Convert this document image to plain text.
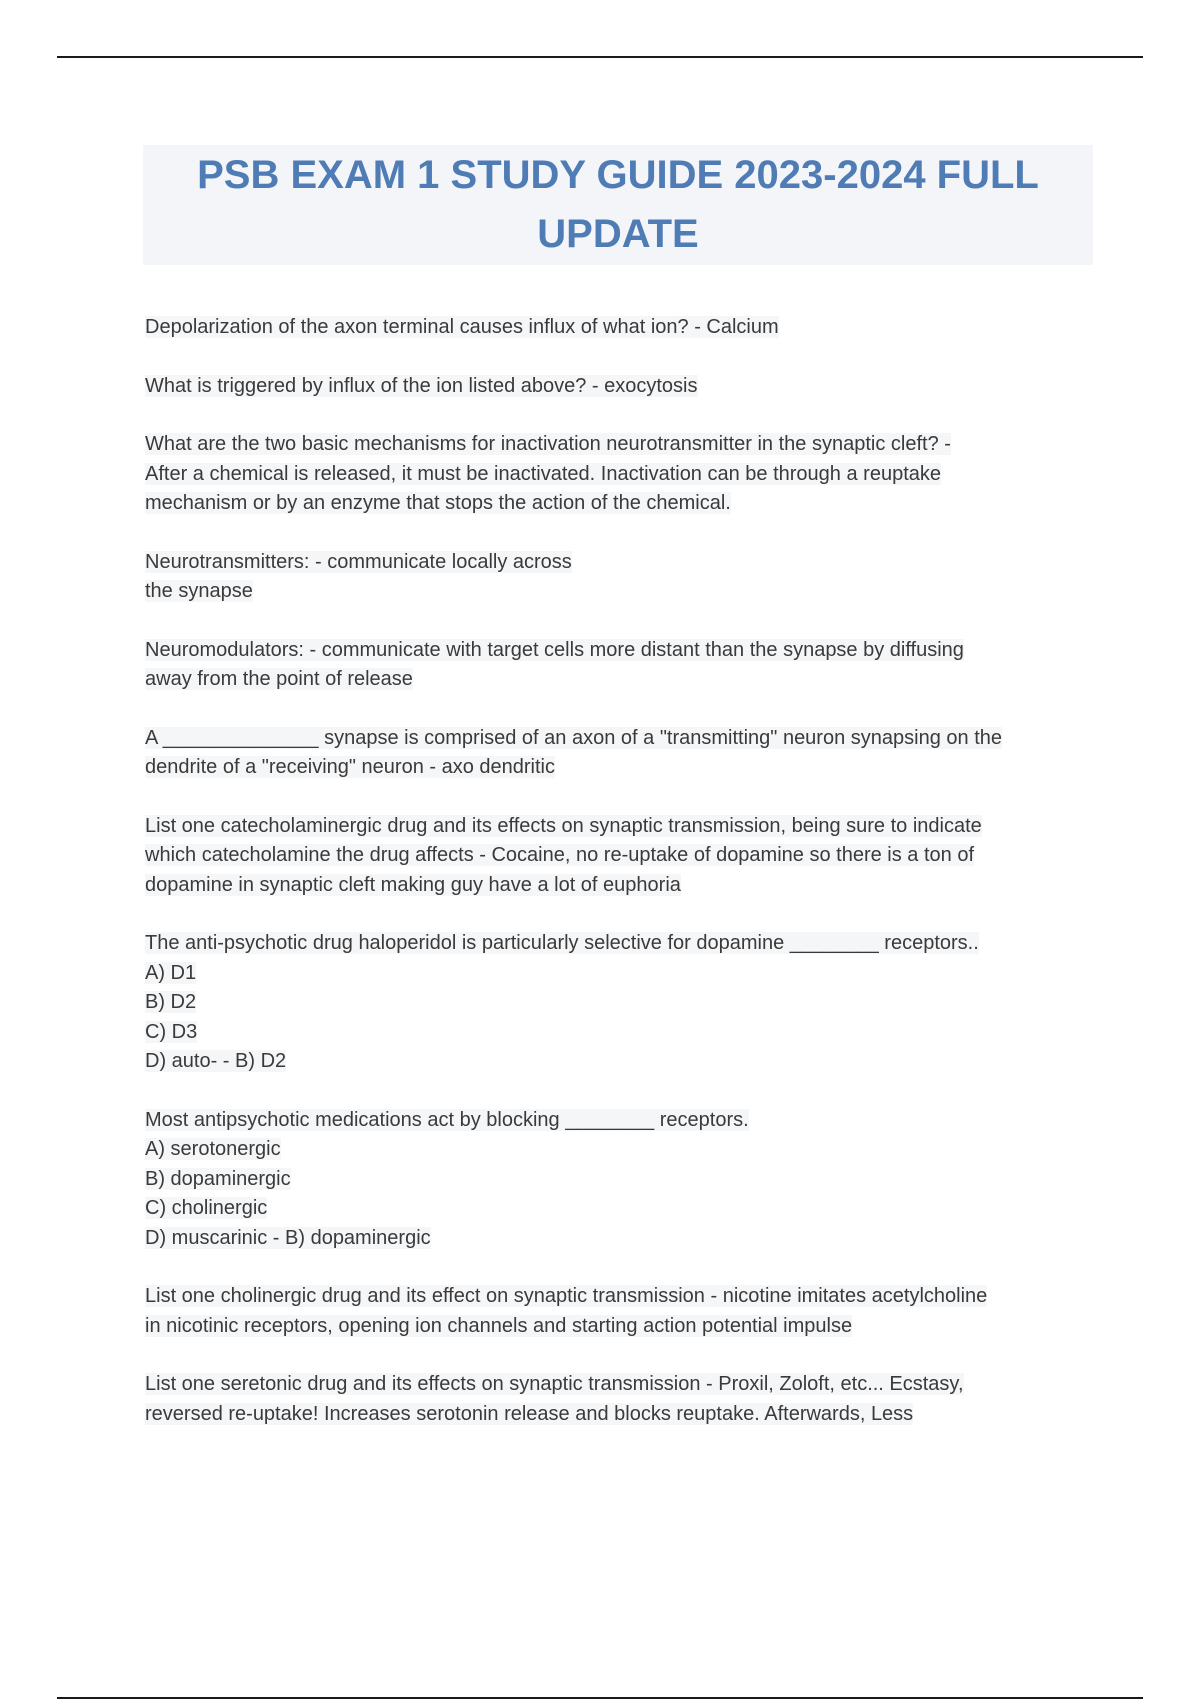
PSB EXAM 1 STUDY GUIDE 2023-2024 FULL
UPDATE
Depolarization of the axon terminal causes influx of what ion? - Calcium
What is triggered by influx of the ion listed above? - exocytosis
What are the two basic mechanisms for inactivation neurotransmitter in the synaptic cleft? -
After a chemical is released, it must be inactivated. Inactivation can be through a reuptake
mechanism or by an enzyme that stops the action of the chemical.
Neurotransmitters: - communicate locally across
the synapse
Neuromodulators: - communicate with target cells more distant than the synapse by diffusing
away from the point of release
A ______________ synapse is comprised of an axon of a "transmitting" neuron synapsing on the
dendrite of a "receiving" neuron - axo dendritic
List one catecholaminergic drug and its effects on synaptic transmission, being sure to indicate
which catecholamine the drug affects - Cocaine, no re-uptake of dopamine so there is a ton of
dopamine in synaptic cleft making guy have a lot of euphoria
The anti-psychotic drug haloperidol is particularly selective for dopamine ________ receptors..
A) D1
B) D2
C) D3
D) auto- - B) D2
Most antipsychotic medications act by blocking ________ receptors.
A) serotonergic
B) dopaminergic
C) cholinergic
D) muscarinic - B) dopaminergic
List one cholinergic drug and its effect on synaptic transmission - nicotine imitates acetylcholine
in nicotinic receptors, opening ion channels and starting action potential impulse
List one seretonic drug and its effects on synaptic transmission - Proxil, Zoloft, etc... Ecstasy,
reversed re-uptake! Increases serotonin release and blocks reuptake. Afterwards, Less
